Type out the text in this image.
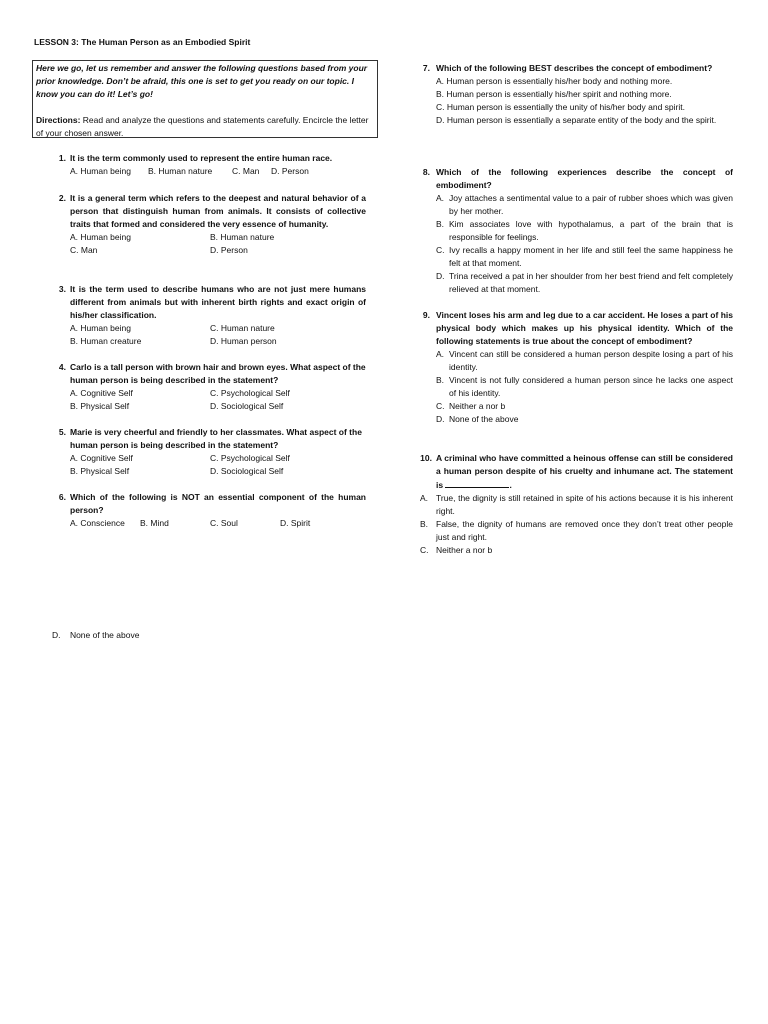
LESSON 3: The Human Person as an Embodied Spirit
Here we go, let us remember and answer the following questions based from your prior knowledge. Don’t be afraid, this one is set to get you ready on our topic. I know you can do it! Let’s go!
Directions: Read and analyze the questions and statements carefully. Encircle the letter of your chosen answer.
1. It is the term commonly used to represent the entire human race.
A. Human being	B. Human nature	C. Man	D. Person
2. It is a general term which refers to the deepest and natural behavior of a person that distinguish human from animals. It consists of collective traits that formed and considered the very essence of humanity.
A. Human being	B. Human nature
C. Man	D. Person
3. It is the term used to describe humans who are not just mere humans different from animals but with inherent birth rights and exact origin of his/her classification.
A. Human being	C. Human nature
B. Human creature	D. Human person
4. Carlo is a tall person with brown hair and brown eyes. What aspect of the human person is being described in the statement?
A. Cognitive Self	C. Psychological Self
B. Physical Self	D. Sociological Self
5. Marie is very cheerful and friendly to her classmates. What aspect of the human person is being described in the statement?
A. Cognitive Self	C. Psychological Self
B. Physical Self	D. Sociological Self
6. Which of the following is NOT an essential component of the human person?
A. Conscience	B. Mind	C. Soul	D. Spirit
D.    None of the above
7. Which of the following BEST describes the concept of embodiment?
A. Human person is essentially his/her body and nothing more.
B. Human person is essentially his/her spirit and nothing more.
C. Human person is essentially the unity of his/her body and spirit.
D. Human person is essentially a separate entity of the body and the spirit.
8. Which of the following experiences describe the concept of embodiment?
A. Joy attaches a sentimental value to a pair of rubber shoes which was given by her mother.
B. Kim associates love with hypothalamus, a part of the brain that is responsible for feelings.
C. Ivy recalls a happy moment in her life and still feel the same happiness he felt at that moment.
D. Trina received a pat in her shoulder from her best friend and felt completely relieved at that moment.
9. Vincent loses his arm and leg due to a car accident. He loses a part of his physical body which makes up his physical identity. Which of the following statements is true about the concept of embodiment?
A. Vincent can still be considered a human person despite losing a part of his identity.
B. Vincent is not fully considered a human person since he lacks one aspect of his identity.
C. Neither a nor b
D. None of the above
10. A criminal who have committed a heinous offense can still be considered a human person despite of his cruelty and inhumane act. The statement is	.
A. True, the dignity is still retained in spite of his actions because it is his inherent right.
B. False, the dignity of humans are removed once they don’t treat other people just and right.
C. Neither a nor b
